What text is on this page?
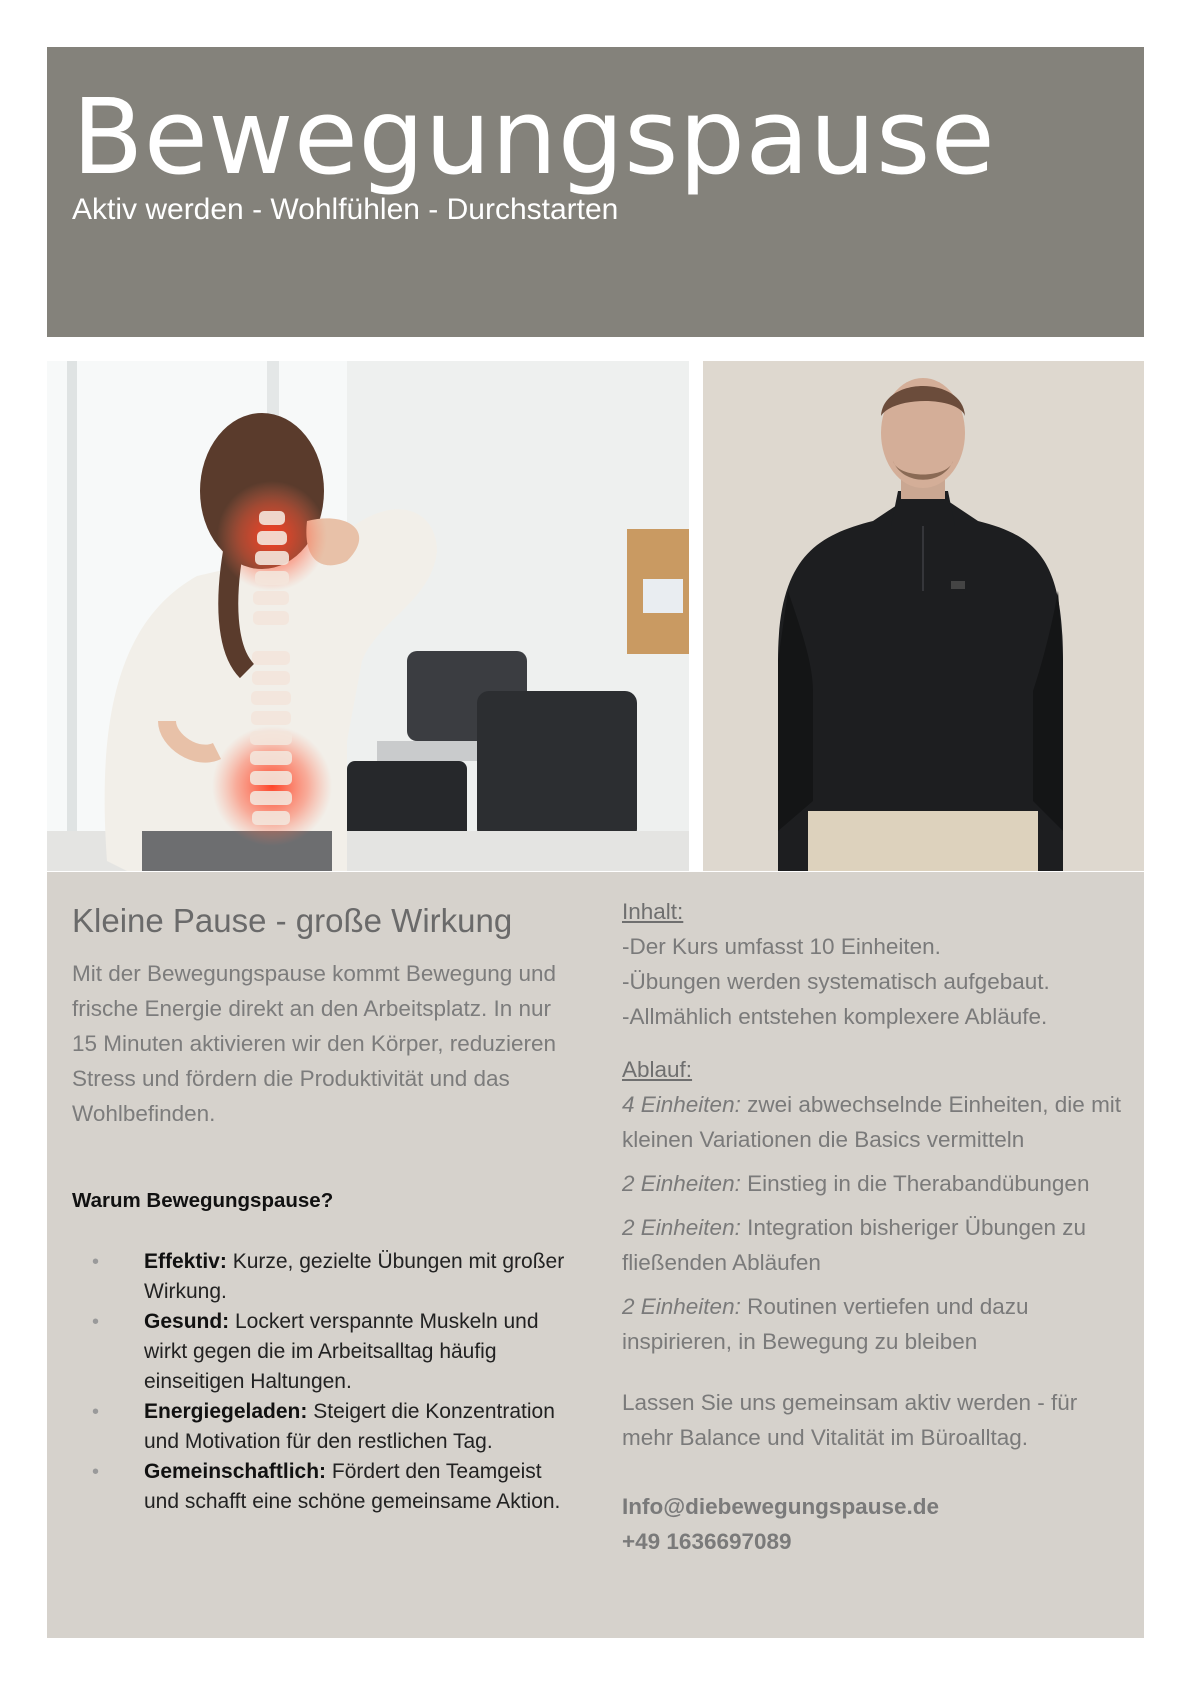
Bewegungspause
Aktiv werden - Wohlfühlen - Durchstarten
Kleine Pause - große Wirkung
Mit der Bewegungspause kommt Bewegung und frische Energie direkt an den Arbeitsplatz. In nur 15 Minuten aktivieren wir den Körper, reduzieren Stress und fördern die Produktivität und das Wohlbefinden.
Warum Bewegungspause?
• Effektiv: Kurze, gezielte Übungen mit großer Wirkung.
• Gesund: Lockert verspannte Muskeln und wirkt gegen die im Arbeitsalltag häufig einseitigen Haltungen.
• Energiegeladen: Steigert die Konzentration und Motivation für den restlichen Tag.
• Gemeinschaftlich: Fördert den Teamgeist und schafft eine schöne gemeinsame Aktion.
Inhalt:
-Der Kurs umfasst 10 Einheiten.
-Übungen werden systematisch aufgebaut.
-Allmählich entstehen komplexere Abläufe.
Ablauf:
4 Einheiten: zwei abwechselnde Einheiten, die mit kleinen Variationen die Basics vermitteln
2 Einheiten: Einstieg in die Therabandübungen
2 Einheiten: Integration bisheriger Übungen zu fließenden Abläufen
2 Einheiten: Routinen vertiefen und dazu inspirieren, in Bewegung zu bleiben
Lassen Sie uns gemeinsam aktiv werden - für mehr Balance und Vitalität im Büroalltag.
Info@diebewegungspause.de
+49 1636697089
